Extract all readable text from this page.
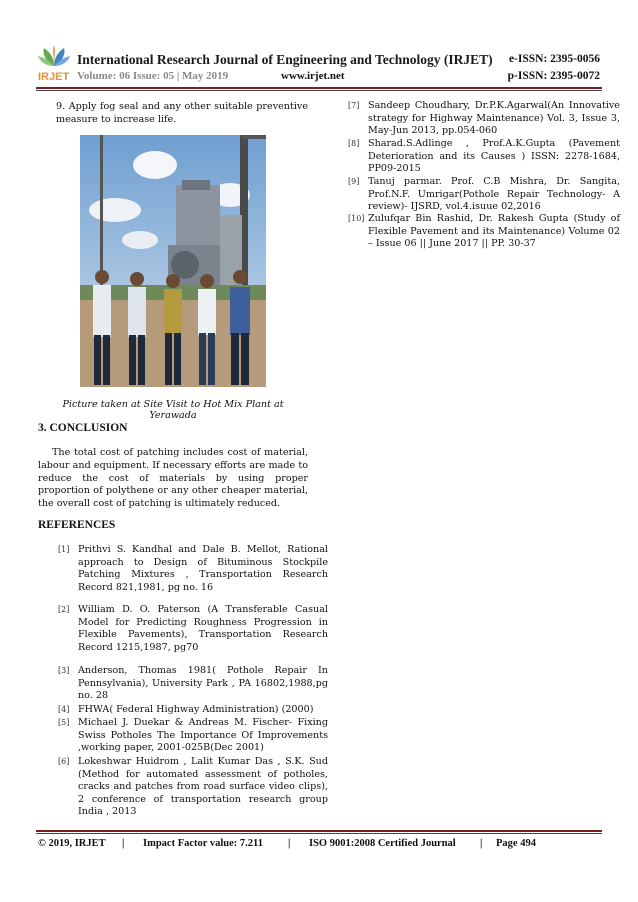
IRJET
International Research Journal of Engineering and Technology (IRJET) e-ISSN: 2395-0056
Volume: 06 Issue: 05 | May 2019	www.irjet.net	p-ISSN: 2395-0072
9. Apply fog seal and any other suitable preventive measure to increase life.
Picture taken at Site Visit to Hot Mix Plant at Yerawada
3. CONCLUSION
The total cost of patching includes cost of material, labour and equipment. If necessary efforts are made to reduce the cost of materials by using proper proportion of polythene or any other cheaper material, the overall cost of patching is ultimately reduced.
REFERENCES
[1] Prithvi S. Kandhal and Dale B. Mellot, Rational approach to Design of Bituminous Stockpile Patching Mixtures , Transportation Research Record 821,1981, pg no. 16
[2] William D. O. Paterson (A Transferable Casual Model for Predicting Roughness Progression in Flexible Pavements), Transportation Research Record 1215,1987, pg70
[3] Anderson, Thomas 1981( Pothole Repair In Pennsylvania), University Park , PA 16802,1988,pg no. 28
[4] FHWA( Federal Highway Administration) (2000)
[5] Michael J. Duekar & Andreas M. Fischer- Fixing Swiss Potholes The Importance Of Improvements ,working paper, 2001-025B(Dec 2001)
[6] Lokeshwar Huidrom , Lalit Kumar Das , S.K. Sud (Method for automated assessment of potholes, cracks and patches from road surface video clips), 2 conference of transportation research group India , 2013
[7] Sandeep Choudhary, Dr.P.K.Agarwal(An Innovative strategy for Highway Maintenance) Vol. 3, Issue 3, May-Jun 2013, pp.054-060
[8] Sharad.S.Adlinge , Prof.A.K.Gupta (Pavement Deterioration and its Causes ) ISSN: 2278-1684, PP09-2015
[9] Tanuj parmar. Prof. C.B Mishra, Dr. Sangita, Prof.N.F. Umrigar(Pothole Repair Technology- A review)- IJSRD, vol.4.isuue 02,2016
[10] Zulufqar Bin Rashid, Dr. Rakesh Gupta (Study of Flexible Pavement and its Maintenance) Volume 02 – Issue 06 || June 2017 || PP. 30-37
© 2019, IRJET | Impact Factor value: 7.211 | ISO 9001:2008 Certified Journal | Page 494
